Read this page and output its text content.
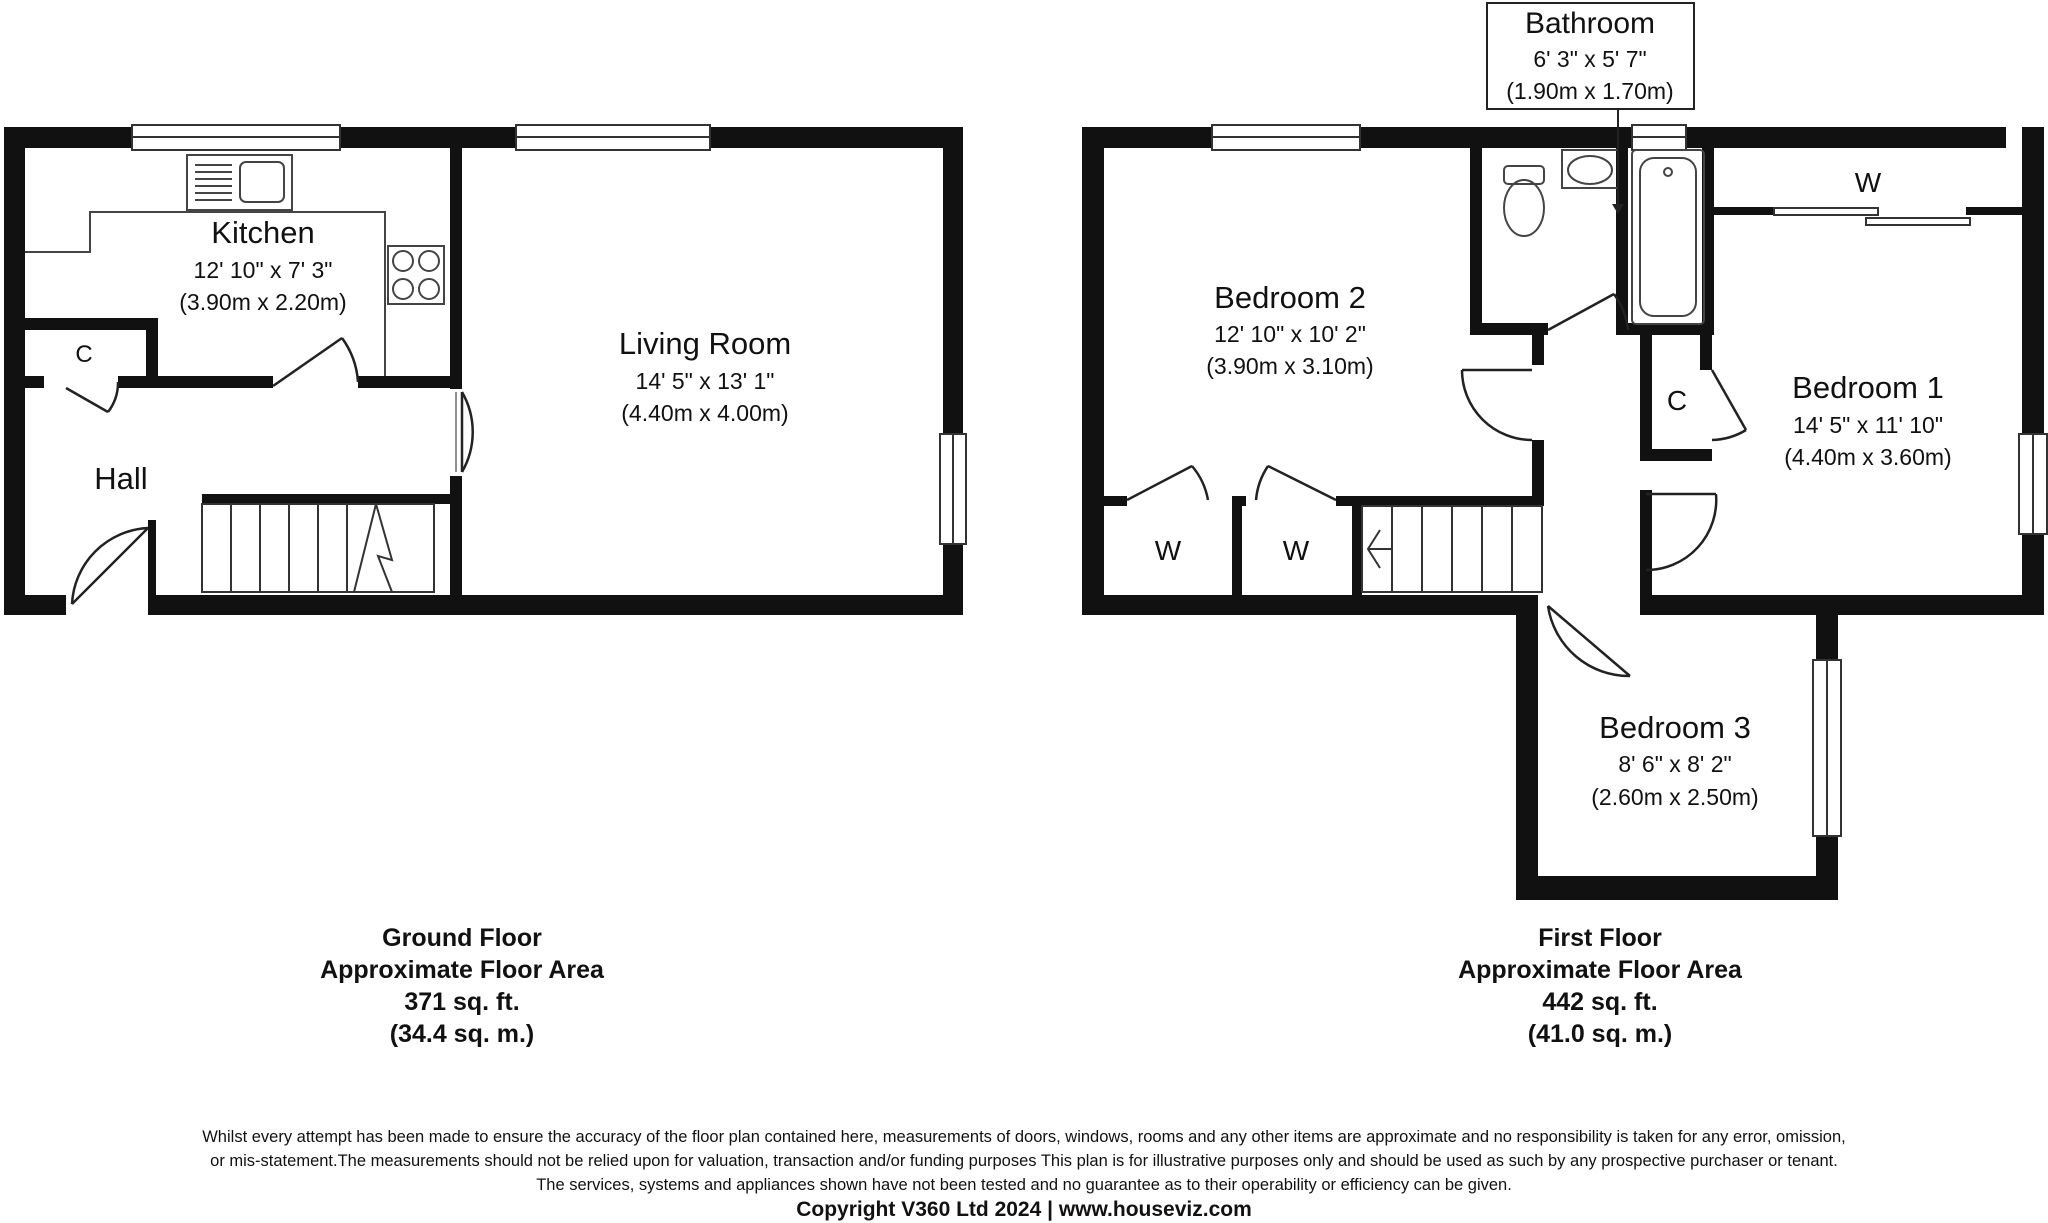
Kitchen
12' 10" x 7' 3"
(3.90m x 2.20m)
Living Room
14' 5" x 13' 1"
(4.40m x 4.00m)
Hall
C
Ground Floor
Approximate Floor Area
371 sq. ft.
(34.4 sq. m.)
Bathroom
6' 3" x 5' 7"
(1.90m x 1.70m)
Bedroom 2
12' 10" x 10' 2"
(3.90m x 3.10m)
Bedroom 1
14' 5" x 11' 10"
(4.40m x 3.60m)
Bedroom 3
8' 6" x 8' 2"
(2.60m x 2.50m)
W
W	W
C
First Floor
Approximate Floor Area
442 sq. ft.
(41.0 sq. m.)
Whilst every attempt has been made to ensure the accuracy of the floor plan contained here, measurements of doors, windows, rooms and any other items are approximate and no responsibility is taken for any error, omission,
or mis-statement.The measurements should not be relied upon for valuation, transaction and/or funding purposes This plan is for illustrative purposes only and should be used as such by any prospective purchaser or tenant.
The services, systems and appliances shown have not been tested and no guarantee as to their operability or efficiency can be given.
Copyright V360 Ltd 2024 | www.houseviz.com
